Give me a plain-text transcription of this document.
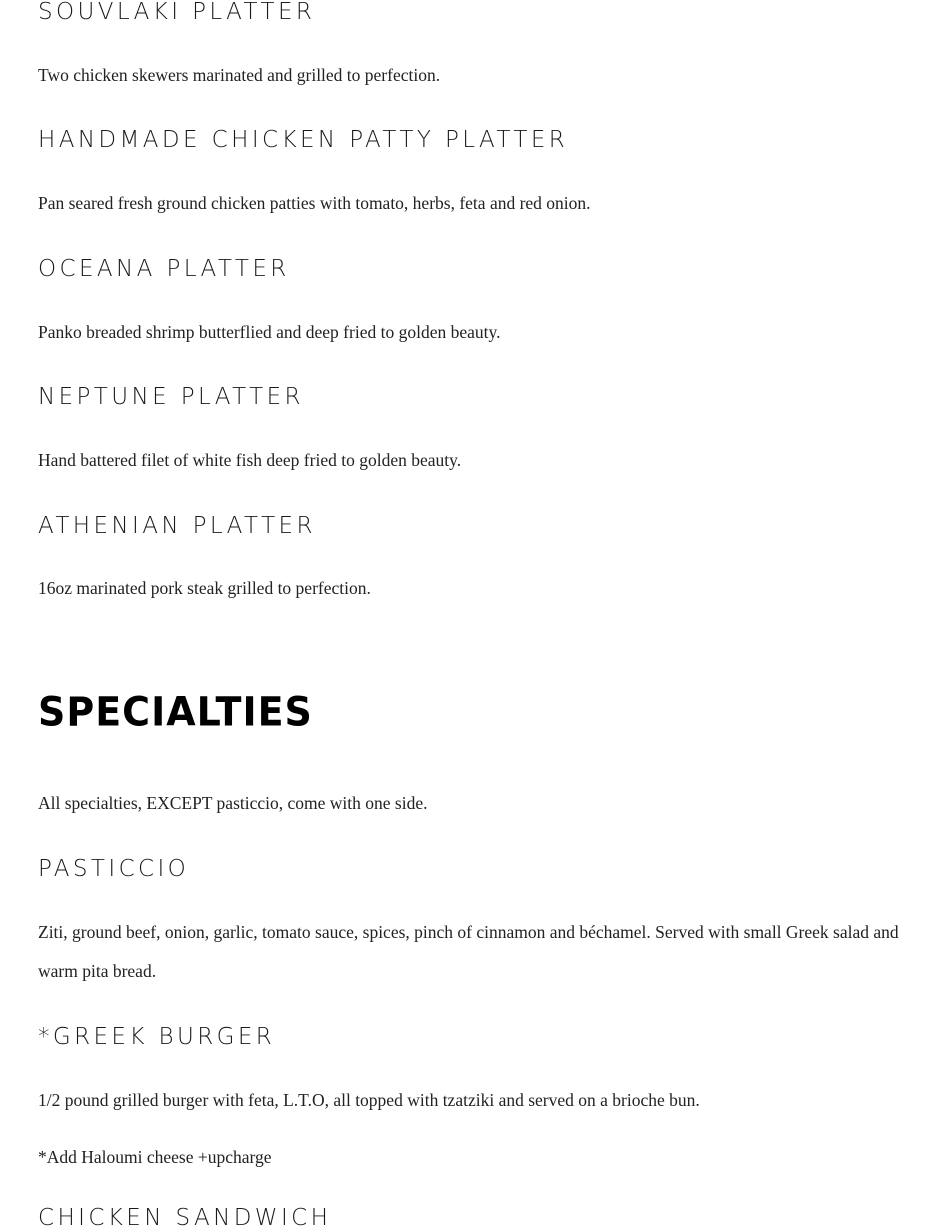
SOUVLAKI PLATTER
Two chicken skewers marinated and grilled to perfection.
HANDMADE CHICKEN PATTY PLATTER
Pan seared fresh ground chicken patties with tomato, herbs, feta and red onion.
OCEANA PLATTER
Panko breaded shrimp butterflied and deep fried to golden beauty.
NEPTUNE PLATTER
Hand battered filet of white fish deep fried to golden beauty.
ATHENIAN PLATTER
16oz marinated pork steak grilled to perfection.
SPECIALTIES
All specialties, EXCEPT pasticcio, come with one side.
PASTICCIO
Ziti, ground beef, onion, garlic, tomato sauce, spices, pinch of cinnamon and béchamel. Served with small Greek salad and warm pita bread.
*GREEK BURGER
1/2 pound grilled burger with feta, L.T.O, all topped with tzatziki and served on a brioche bun.
*Add Haloumi cheese +upcharge
CHICKEN SANDWICH
